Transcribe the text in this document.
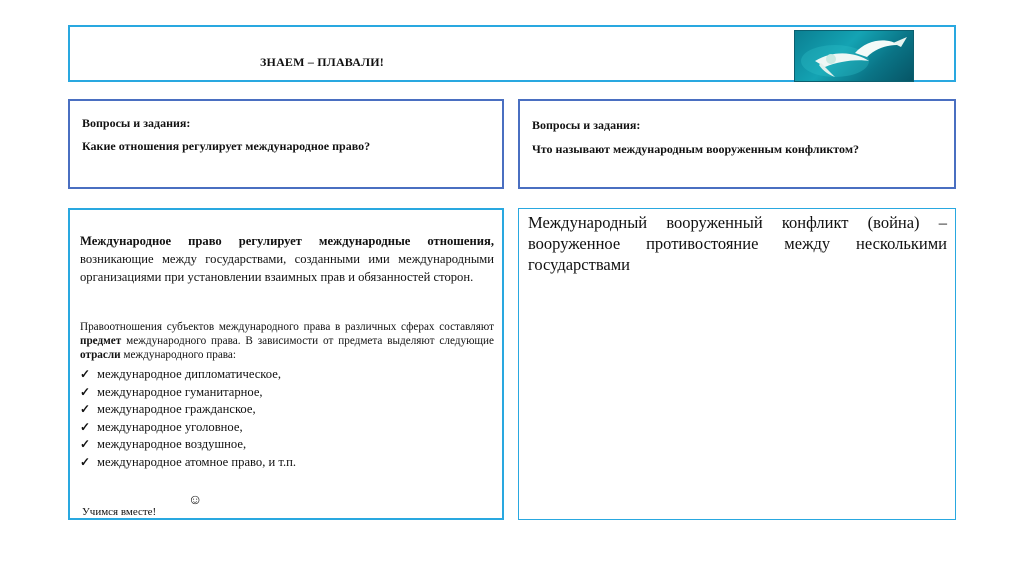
ЗНАЕМ – ПЛАВАЛИ!
Вопросы и задания:
Какие отношения регулирует международное право?
Вопросы и задания:
Что называют международным вооруженным конфликтом?
Международное право регулирует международные отношения, возникающие между государствами, созданными ими международными организациями при установлении взаимных прав и обязанностей сторон.
Правоотношения субъектов международного права в различных сферах составляют предмет международного права. В зависимости от предмета выделяют следующие отрасли международного права:
✓ международное дипломатическое,
✓ международное гуманитарное,
✓ международное гражданское,
✓ международное уголовное,
✓ международное воздушное,
✓ международное атомное право, и т.п.
Учимся вместе!
☺
Международный вооруженный конфликт (война) – вооруженное противостояние между несколькими государствами
